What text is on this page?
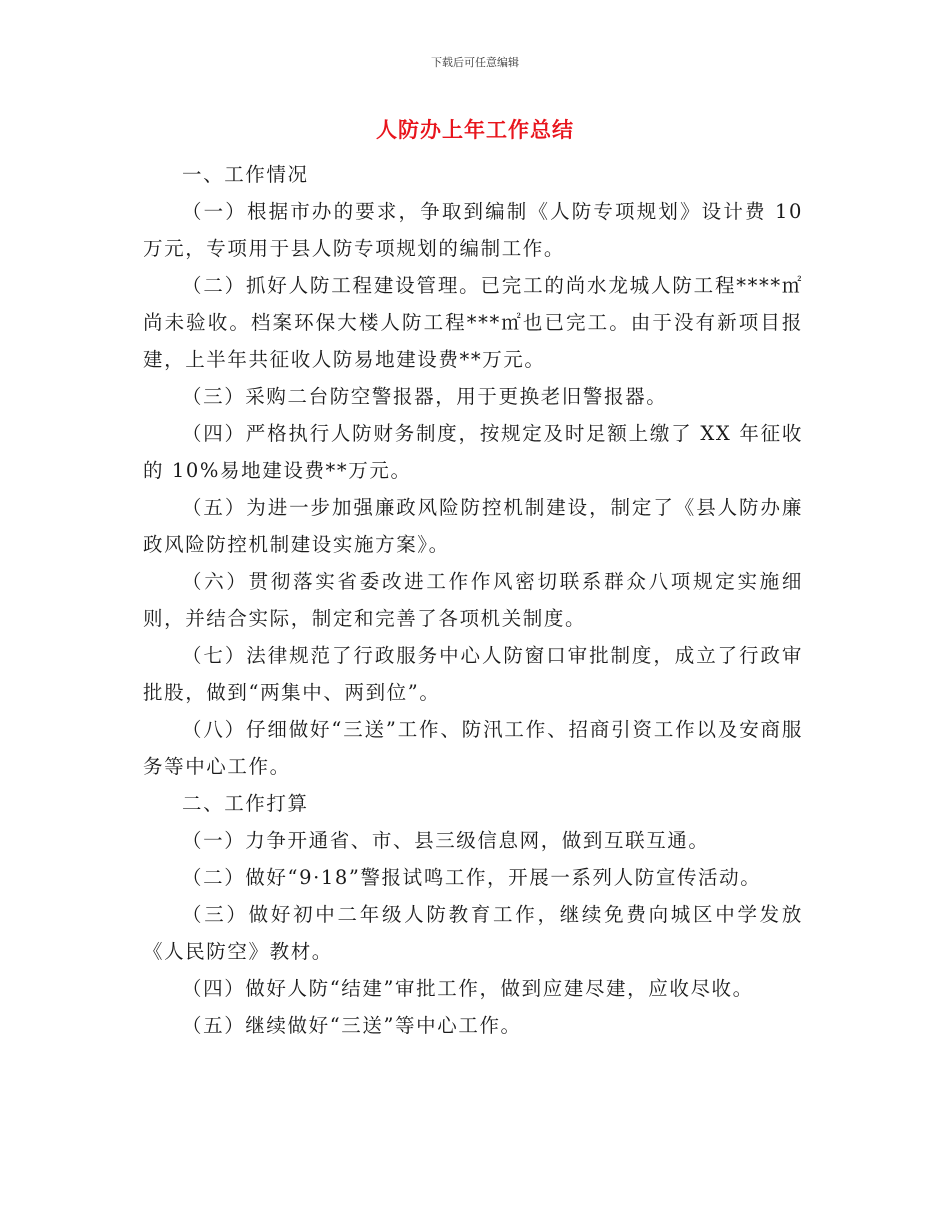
下载后可任意编辑
人防办上年工作总结

一、工作情况

（一）根据市办的要求，争取到编制《人防专项规划》设计费 10 万元，专项用于县人防专项规划的编制工作。

（二）抓好人防工程建设管理。已完工的尚水龙城人防工程****㎡尚未验收。档案环保大楼人防工程***㎡也已完工。由于没有新项目报建，上半年共征收人防易地建设费**万元。

（三）采购二台防空警报器，用于更换老旧警报器。

（四）严格执行人防财务制度，按规定及时足额上缴了 XX 年征收的 10%易地建设费**万元。

（五）为进一步加强廉政风险防控机制建设，制定了《县人防办廉政风险防控机制建设实施方案》。

（六）贯彻落实省委改进工作作风密切联系群众八项规定实施细则，并结合实际，制定和完善了各项机关制度。

（七）法律规范了行政服务中心人防窗口审批制度，成立了行政审批股，做到“两集中、两到位”。

（八）仔细做好“三送”工作、防汛工作、招商引资工作以及安商服务等中心工作。

二、工作打算

（一）力争开通省、市、县三级信息网，做到互联互通。

（二）做好“9·18”警报试鸣工作，开展一系列人防宣传活动。

（三）做好初中二年级人防教育工作，继续免费向城区中学发放《人民防空》教材。

（四）做好人防“结建”审批工作，做到应建尽建，应收尽收。

（五）继续做好“三送”等中心工作。
